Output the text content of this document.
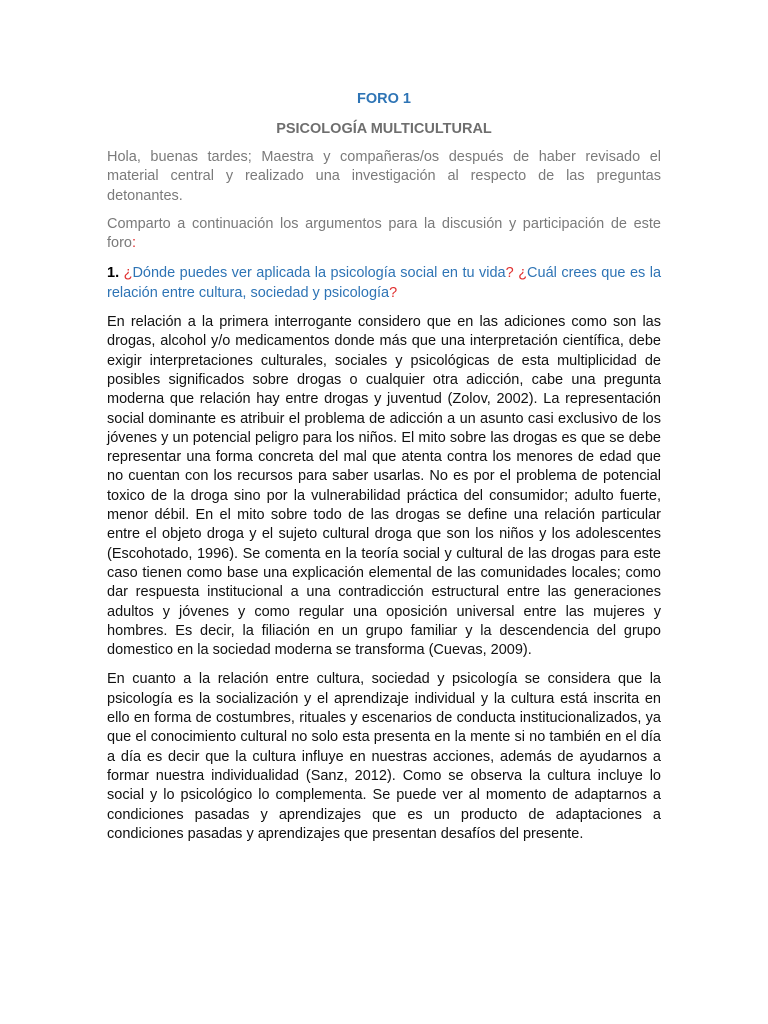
FORO 1
PSICOLOGÍA MULTICULTURAL

Hola, buenas tardes; Maestra y compañeras/os después de haber revisado el material central y realizado una investigación al respecto de las preguntas detonantes.

Comparto a continuación los argumentos para la discusión y participación de este foro:

1. ¿Dónde puedes ver aplicada la psicología social en tu vida? ¿Cuál crees que es la relación entre cultura, sociedad y psicología?

En relación a la primera interrogante considero que en las adiciones como son las drogas, alcohol y/o medicamentos donde más que una interpretación científica, debe exigir interpretaciones culturales, sociales y psicológicas de esta multiplicidad de posibles significados sobre drogas o cualquier otra adicción, cabe una pregunta moderna que relación hay entre drogas y juventud (Zolov, 2002). La representación social dominante es atribuir el problema de adicción a un asunto casi exclusivo de los jóvenes y un potencial peligro para los niños. El mito sobre las drogas es que se debe representar una forma concreta del mal que atenta contra los menores de edad que no cuentan con los recursos para saber usarlas. No es por el problema de potencial toxico de la droga sino por la vulnerabilidad práctica del consumidor; adulto fuerte, menor débil. En el mito sobre todo de las drogas se define una relación particular entre el objeto droga y el sujeto cultural droga que son los niños y los adolescentes (Escohotado, 1996). Se comenta en la teoría social y cultural de las drogas para este caso tienen como base una explicación elemental de las comunidades locales; como dar respuesta institucional a una contradicción estructural entre las generaciones adultos y jóvenes y como regular una oposición universal entre las mujeres y hombres. Es decir, la filiación en un grupo familiar y la descendencia del grupo domestico en la sociedad moderna se transforma (Cuevas, 2009).

En cuanto a la relación entre cultura, sociedad y psicología se considera que la psicología es la socialización y el aprendizaje individual y la cultura está inscrita en ello en forma de costumbres, rituales y escenarios de conducta institucionalizados, ya que el conocimiento cultural no solo esta presenta en la mente si no también en el día a día es decir que la cultura influye en nuestras acciones, además de ayudarnos a formar nuestra individualidad (Sanz, 2012). Como se observa la cultura incluye lo social y lo psicológico lo complementa. Se puede ver al momento de adaptarnos a condiciones pasadas y aprendizajes que es un producto de adaptaciones a condiciones pasadas y aprendizajes que presentan desafíos del presente.
